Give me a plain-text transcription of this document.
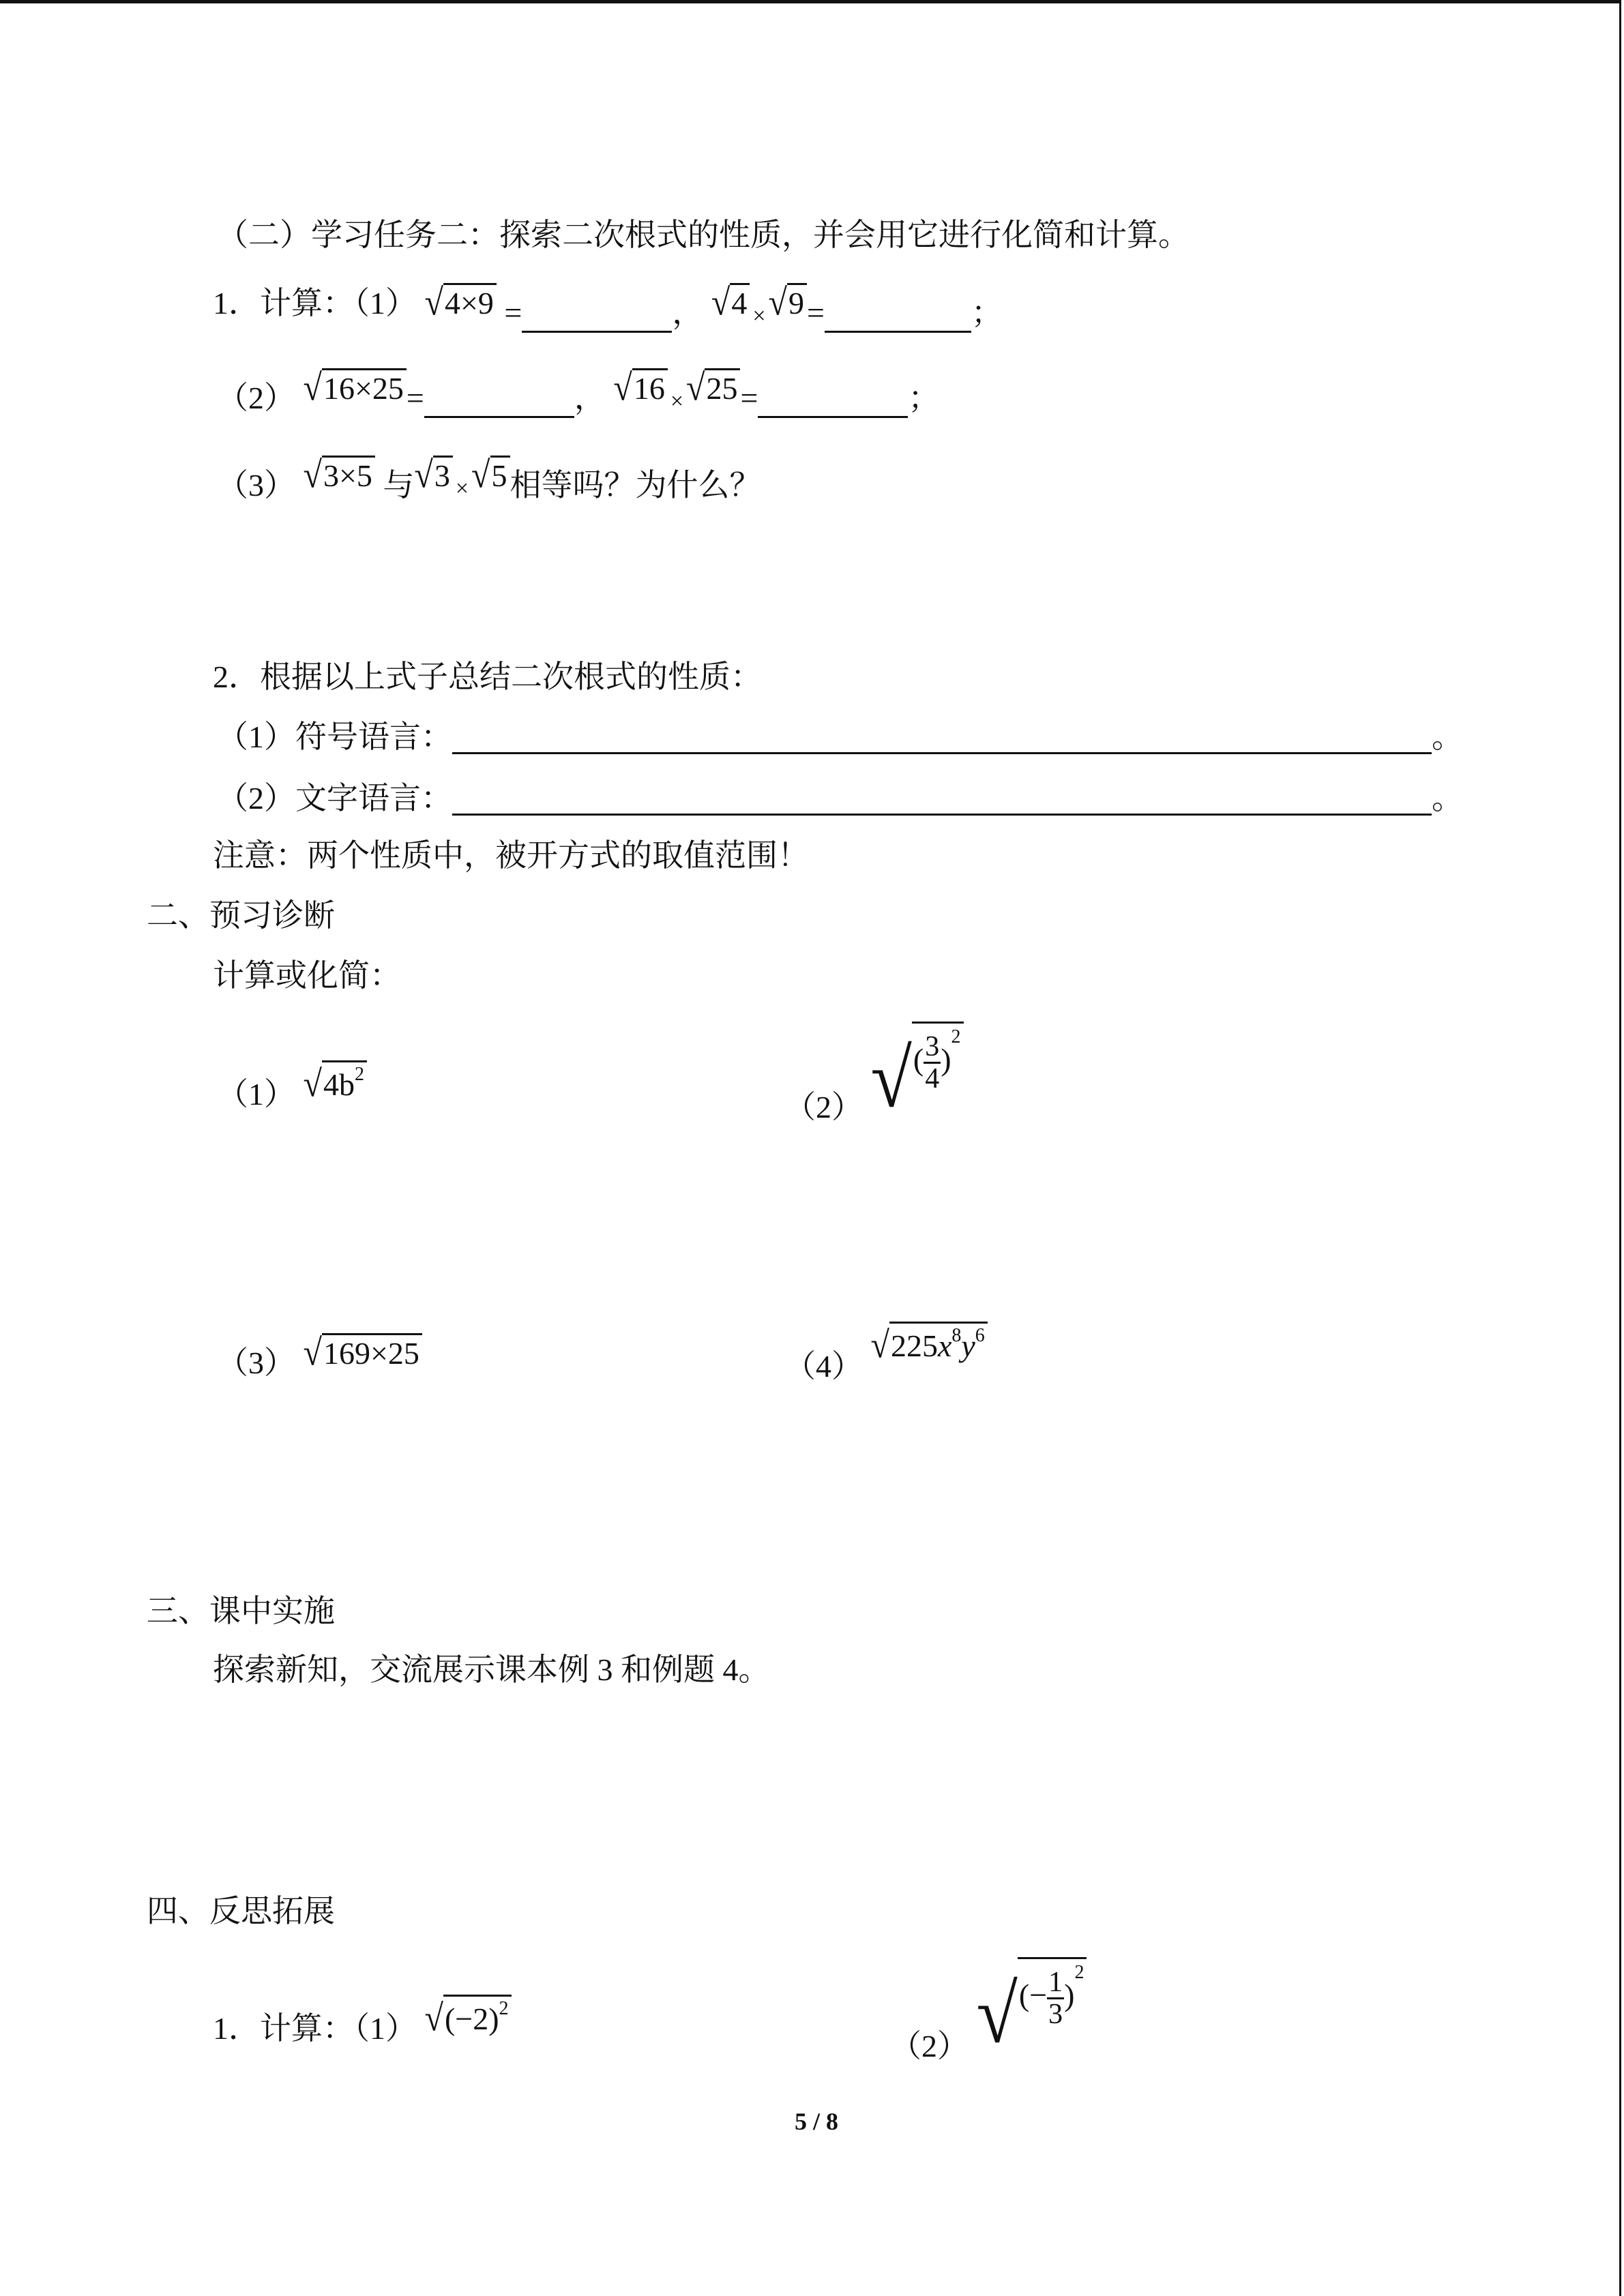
（二）学习任务二：探索二次根式的性质，并会用它进行化简和计算。
1．计算：（1） √4×9 =	， √4 $_\times$√9=	；
（2） √16×25=	， √16 $_\times$√25=	；
（3） √3×5 与√3 $_\times$√5相等吗？为什么？
2．根据以上式子总结二次根式的性质：
（1）符号语言：	。
（2）文字语言：	。
注意：两个性质中，被开方式的取值范围！
二、预习诊断
计算或化简：
（1） $√4b^2$
（2） √( $\frac{3}{4} )^2$
（3） √169×25	（4） $√225x^8y^6$
三、课中实施
探索新知，交流展示课本例 3 和例题 4。
四、反思拓展
1．计算：（1） $√(-2)^2$
（2） √(− $\frac{1}{3} )^2$
5 / 8
